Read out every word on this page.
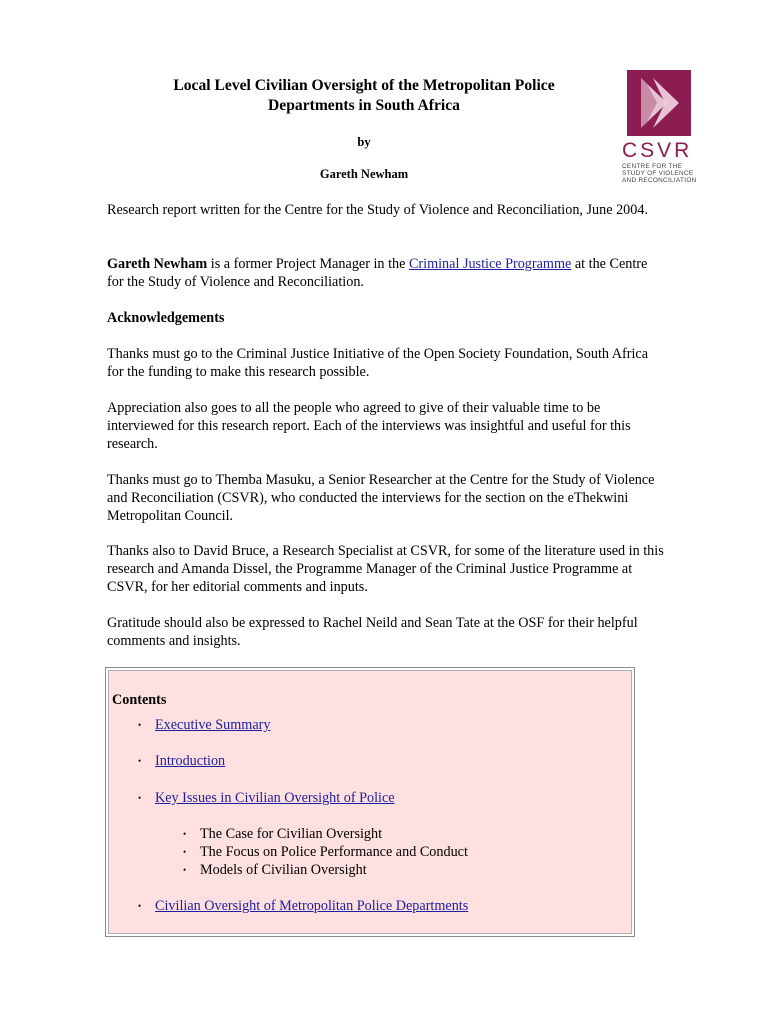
Local Level Civilian Oversight of the Metropolitan Police
Departments in South Africa
by
Gareth Newham
CSVR
CENTRE FOR THE
STUDY OF VIOLENCE
AND RECONCILIATION

Research report written for the Centre for the Study of Violence and Reconciliation, June 2004.

Gareth Newham is a former Project Manager in the Criminal Justice Programme at the Centre for the Study of Violence and Reconciliation.

Acknowledgements

Thanks must go to the Criminal Justice Initiative of the Open Society Foundation, South Africa for the funding to make this research possible.

Appreciation also goes to all the people who agreed to give of their valuable time to be interviewed for this research report. Each of the interviews was insightful and useful for this research.

Thanks must go to Themba Masuku, a Senior Researcher at the Centre for the Study of Violence and Reconciliation (CSVR), who conducted the interviews for the section on the eThekwini Metropolitan Council.

Thanks also to David Bruce, a Research Specialist at CSVR, for some of the literature used in this research and Amanda Dissel, the Programme Manager of the Criminal Justice Programme at CSVR, for her editorial comments and inputs.

Gratitude should also be expressed to Rachel Neild and Sean Tate at the OSF for their helpful comments and insights.

Contents
• Executive Summary
• Introduction
• Key Issues in Civilian Oversight of Police
• The Case for Civilian Oversight
• The Focus on Police Performance and Conduct
• Models of Civilian Oversight
• Civilian Oversight of Metropolitan Police Departments
